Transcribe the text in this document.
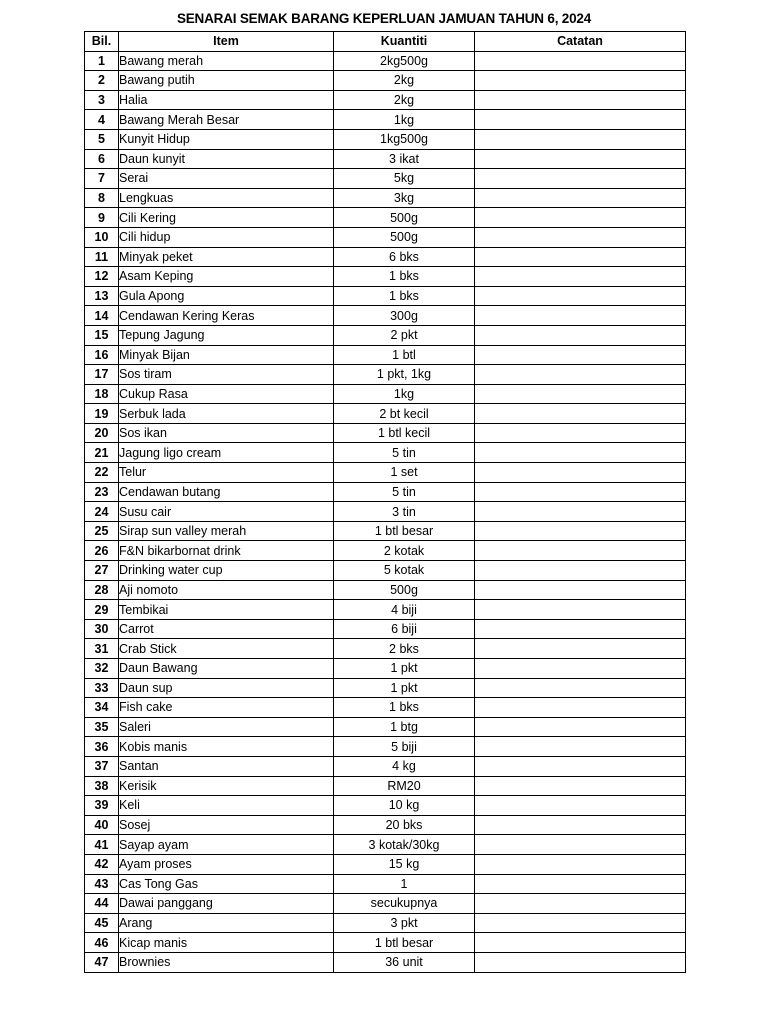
SENARAI SEMAK BARANG KEPERLUAN JAMUAN TAHUN 6, 2024
Bil.	Item	Kuantiti	Catatan
1	Bawang merah	2kg500g	
2	Bawang putih	2kg	
3	Halia	2kg	
4	Bawang Merah Besar	1kg	
5	Kunyit Hidup	1kg500g	
6	Daun kunyit	3 ikat	
7	Serai	5kg	
8	Lengkuas	3kg	
9	Cili Kering	500g	
10	Cili hidup	500g	
11	Minyak peket	6 bks	
12	Asam Keping	1 bks	
13	Gula Apong	1 bks	
14	Cendawan Kering Keras	300g	
15	Tepung Jagung	2 pkt	
16	Minyak Bijan	1 btl	
17	Sos tiram	1 pkt, 1kg	
18	Cukup Rasa	1kg	
19	Serbuk lada	2 bt kecil	
20	Sos ikan	1 btl kecil	
21	Jagung ligo cream	5 tin	
22	Telur	1 set	
23	Cendawan butang	5 tin	
24	Susu cair	3 tin	
25	Sirap sun valley merah	1 btl besar	
26	F&N bikarbornat drink	2 kotak	
27	Drinking water cup	5 kotak	
28	Aji nomoto	500g	
29	Tembikai	4 biji	
30	Carrot	6 biji	
31	Crab Stick	2 bks	
32	Daun Bawang	1 pkt	
33	Daun sup	1 pkt	
34	Fish cake	1 bks	
35	Saleri	1 btg	
36	Kobis manis	5 biji	
37	Santan	4 kg	
38	Kerisik	RM20	
39	Keli	10 kg	
40	Sosej	20 bks	
41	Sayap ayam	3 kotak/30kg	
42	Ayam proses	15 kg	
43	Cas Tong Gas	1	
44	Dawai panggang	secukupnya	
45	Arang	3 pkt	
46	Kicap manis	1 btl besar	
47	Brownies	36 unit	
